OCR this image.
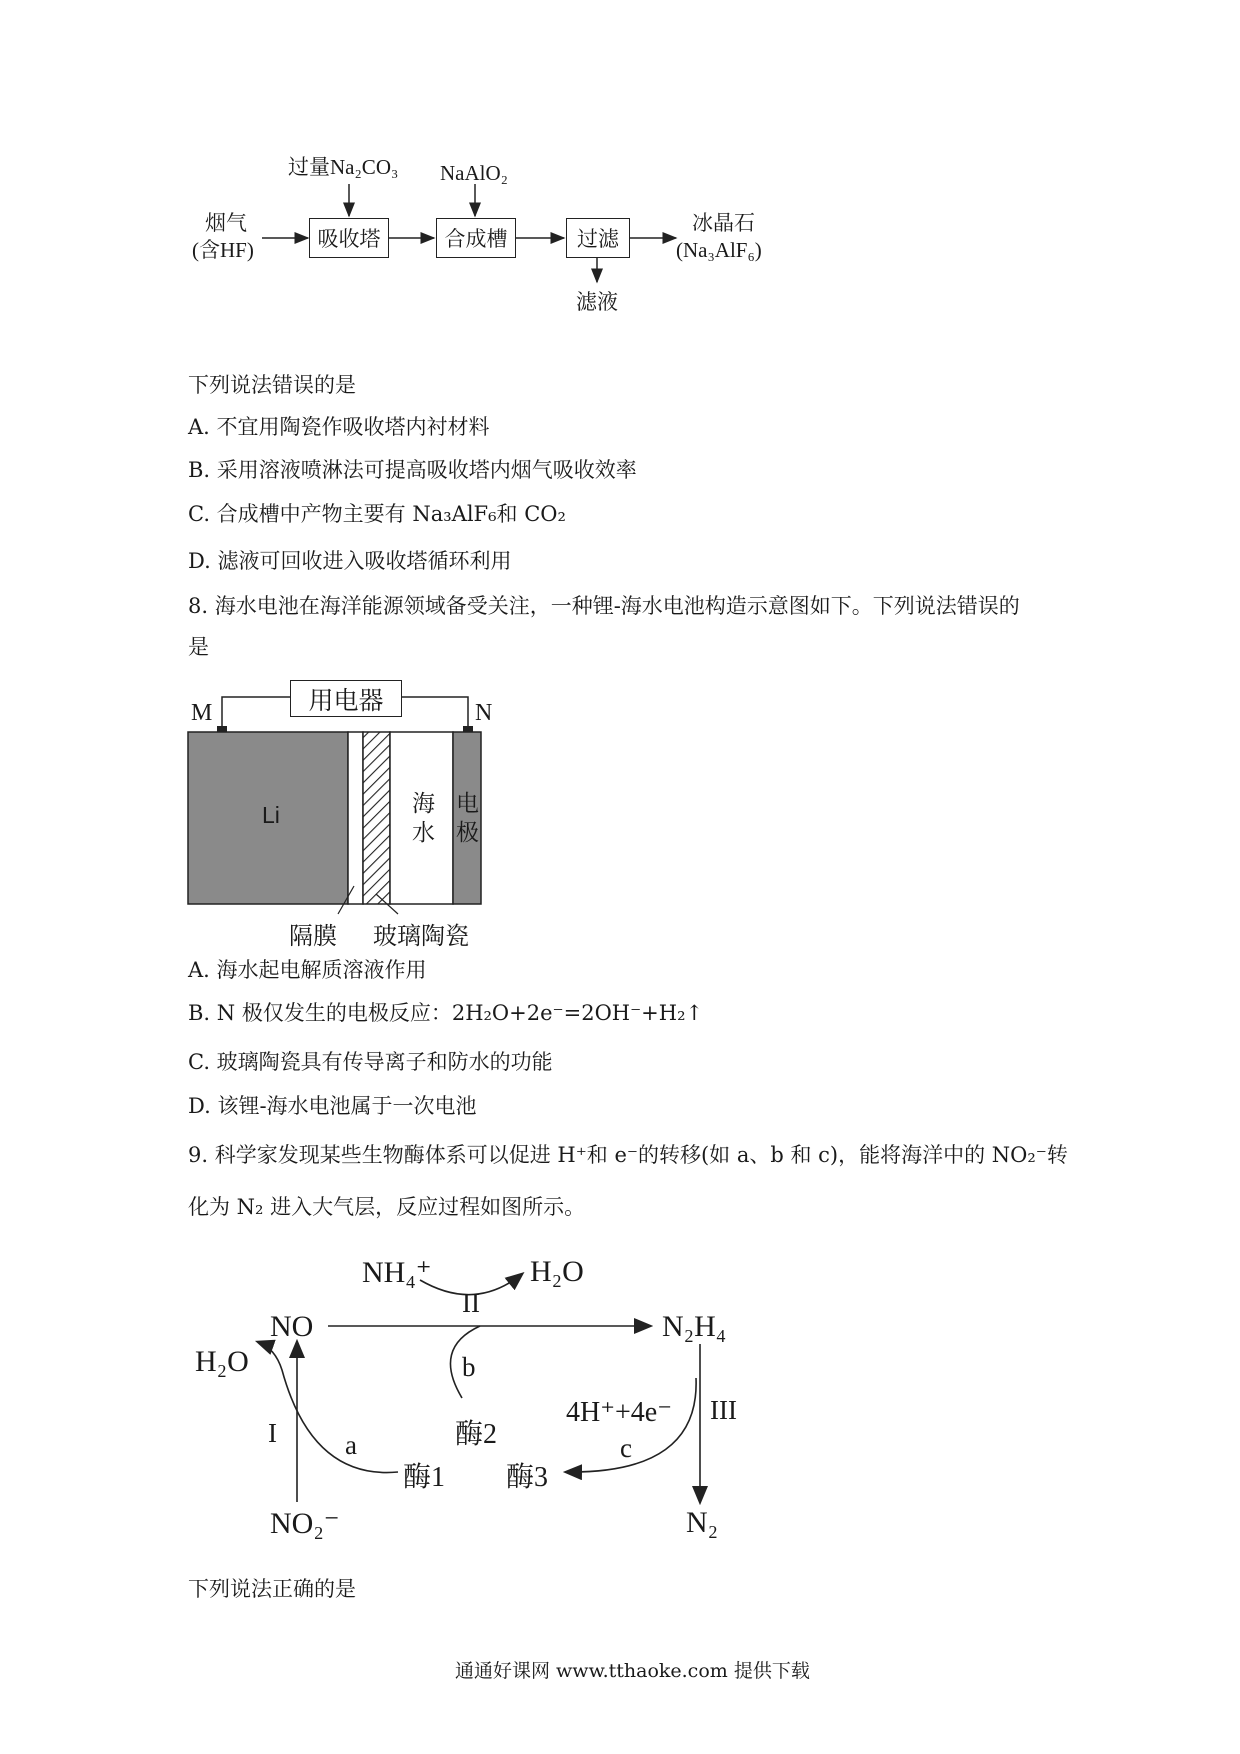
吸收塔	合成槽	过滤
过量Na₂CO₃ NaAlO₂
烟气
(含HF)
冰晶石
(Na₃AlF₆)
滤液
下列说法错误的是
A. 不宜用陶瓷作吸收塔内衬材料
B. 采用溶液喷淋法可提高吸收塔内烟气吸收效率
C. 合成槽中产物主要有 Na₃AlF₆和 CO₂
D. 滤液可回收进入吸收塔循环利用
8. 海水电池在海洋能源领域备受关注，一种锂-海水电池构造示意图如下。下列说法错误的
是
用电器
M	N
Li	海
水
电
极
隔膜 玻璃陶瓷
A. 海水起电解质溶液作用
B. N 极仅发生的电极反应：2H₂O+2e⁻=2OH⁻+H₂↑
C. 玻璃陶瓷具有传导离子和防水的功能
D. 该锂-海水电池属于一次电池
9. 科学家发现某些生物酶体系可以促进 H⁺和 e⁻的转移(如 a、b 和 c)，能将海洋中的 NO₂⁻转
化为 N₂ 进入大气层，反应过程如图所示。
NH₄⁺	H₂O
II
NO	N₂H₄
H₂O	b
4H⁺+4e⁻ III
I	a	酶2
酶1 酶3
c
NO₂⁻	N₂
下列说法正确的是
通通好课网 www.tthaoke.com 提供下载
